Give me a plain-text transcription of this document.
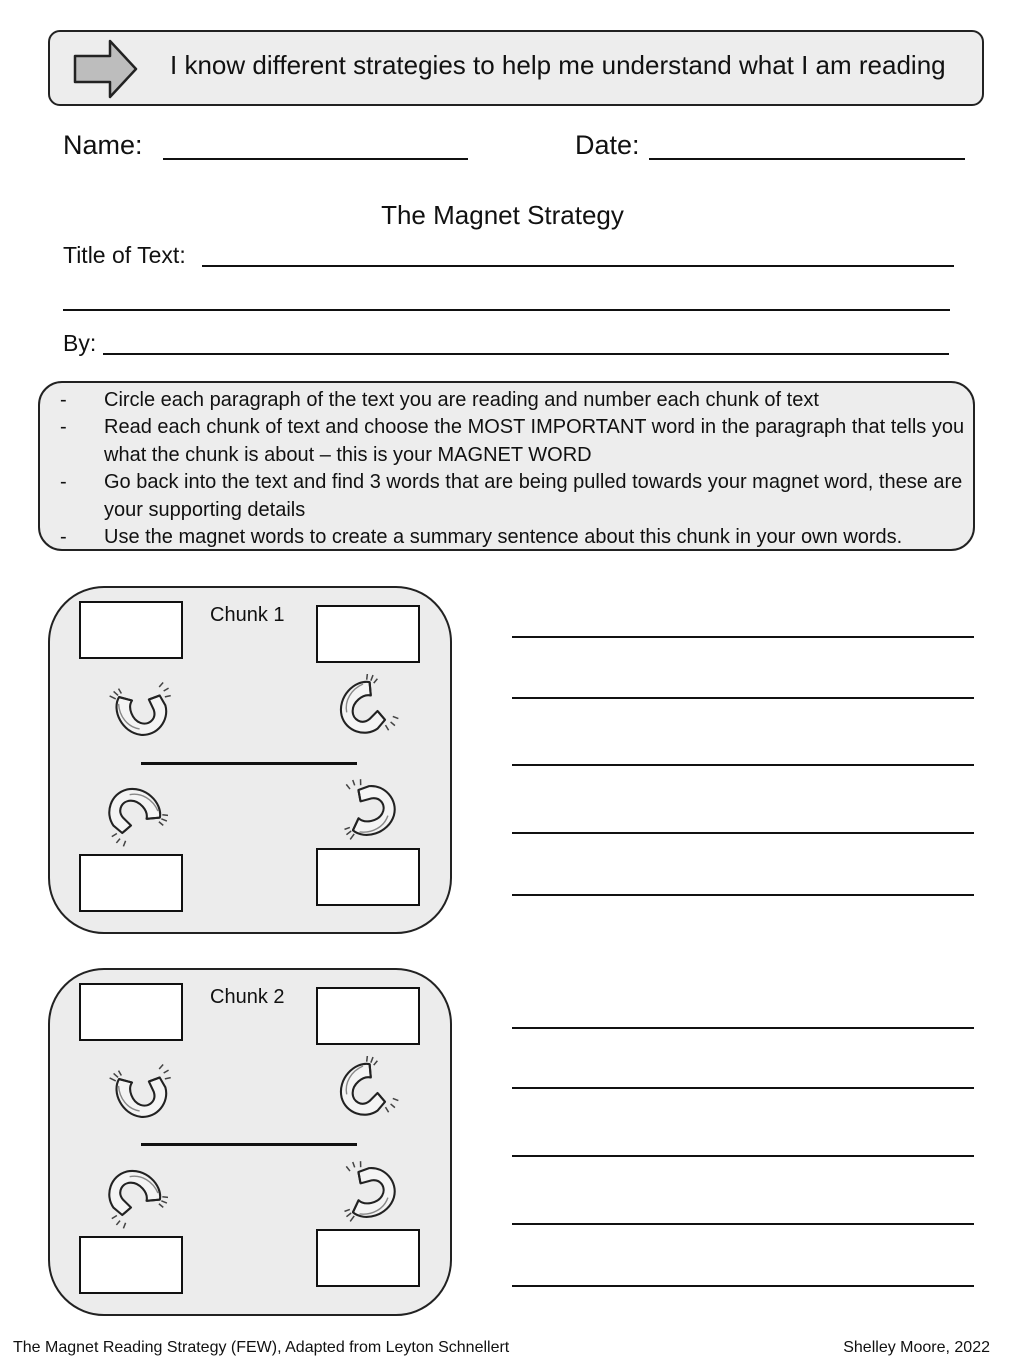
I know different strategies to help me understand what I am reading
Name:	Date:
The Magnet Strategy
Title of Text:
By:
- Circle each paragraph of the text you are reading and number each chunk of text
- Read each chunk of text and choose the MOST IMPORTANT word in the paragraph that tells you what the chunk is about – this is your MAGNET WORD
- Go back into the text and find 3 words that are being pulled towards your magnet word, these are your supporting details
- Use the magnet words to create a summary sentence about this chunk in your own words.
Chunk 1
Chunk 2
The Magnet Reading Strategy (FEW), Adapted from Leyton Schnellert	Shelley Moore, 2022
